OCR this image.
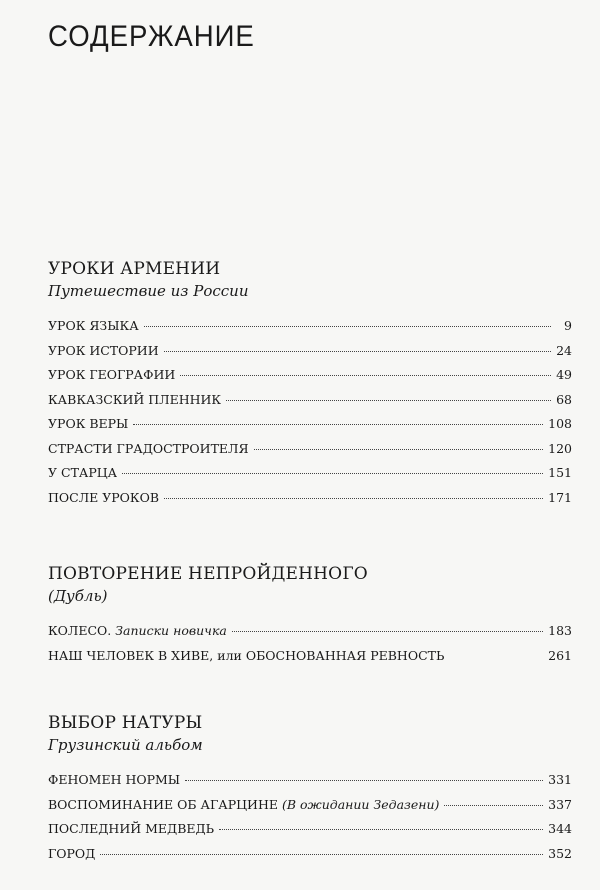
СОДЕРЖАНИЕ
УРОКИ АРМЕНИИ
Путешествие из России
УРОК ЯЗЫКА	9
УРОК ИСТОРИИ	24
УРОК ГЕОГРАФИИ	49
КАВКАЗСКИЙ ПЛЕННИК	68
УРОК ВЕРЫ	108
СТРАСТИ ГРАДОСТРОИТЕЛЯ	120
У СТАРЦА	151
ПОСЛЕ УРОКОВ	171
ПОВТОРЕНИЕ НЕПРОЙДЕННОГО
(Дубль)
КОЛЕСО. Записки новичка	183
НАШ ЧЕЛОВЕК В ХИВЕ, или ОБОСНОВАННАЯ РЕВНОСТЬ	261
ВЫБОР НАТУРЫ
Грузинский альбом
ФЕНОМЕН НОРМЫ	331
ВОСПОМИНАНИЕ ОБ АГАРЦИНЕ (В ожидании Зедазени)	337
ПОСЛЕДНИЙ МЕДВЕДЬ	344
ГОРОД	352
